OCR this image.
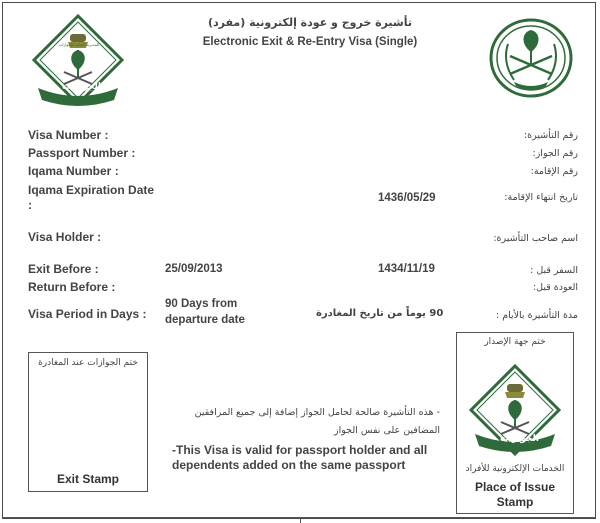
الجوازات
المديرية العامة للجوازات
تأشيرة خروج و عودة إلكترونية (مفرد)
Electronic Exit & Re-Entry Visa (Single)
Visa Number :
Passport Number :
Iqama Number :
Iqama Expiration Date
:
Visa Holder :
Exit Before :
Return Before :
Visa Period in Days :
رقم التأشيرة:
رقم الجواز:
رقم الإقامة:
تاريخ انتهاء الإقامة:
اسم صاحب التأشيرة:
السفر قبل :
العودة قبل:
مدة التأشيرة بالأيام :
1436/05/29
25/09/2013	1434/11/19
90 Days from
departure date
90 يوماً من تاريخ المغادرة
ختم الجوازات عند المغادرة
Exit Stamp
- هذه التأشيرة صالحة لحامل الجواز إضافة إلى جميع المرافقين
المضافين على نفس الجواز
-This Visa is valid for passport holder and all
dependents added on the same passport
ختم جهة الإصدار
الجوازات
الخدمات الإلكترونية للأفراد
Place of Issue
Stamp
